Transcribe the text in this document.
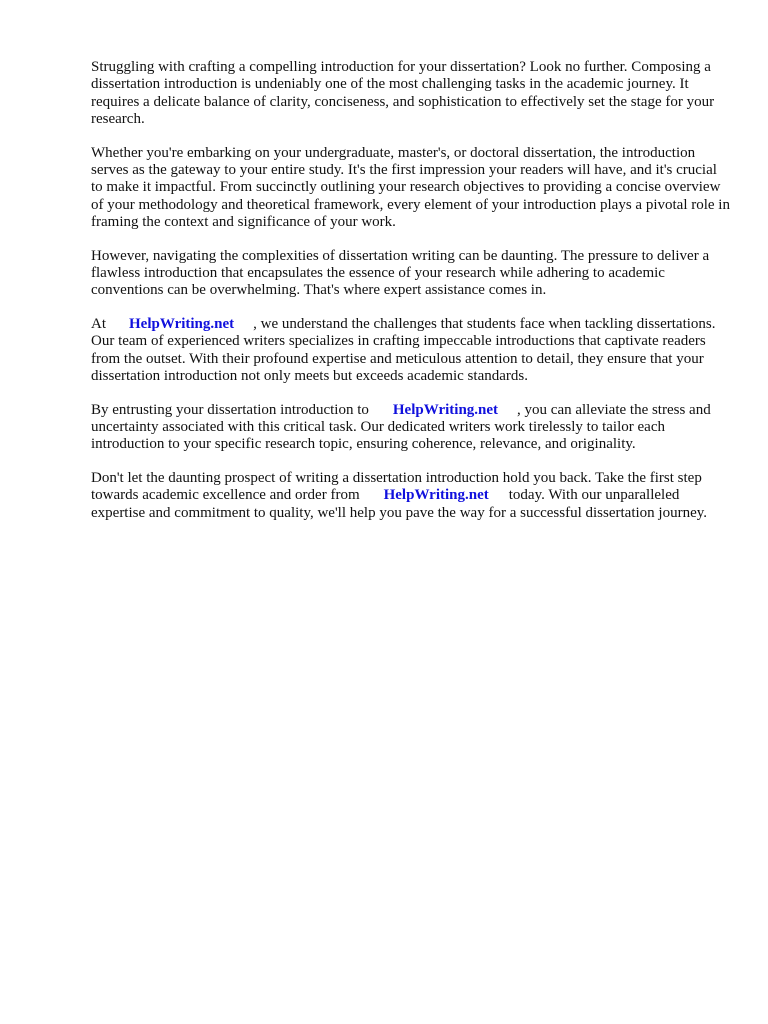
Struggling with crafting a compelling introduction for your dissertation? Look no further. Composing a dissertation introduction is undeniably one of the most challenging tasks in the academic journey. It requires a delicate balance of clarity, conciseness, and sophistication to effectively set the stage for your research.

Whether you're embarking on your undergraduate, master's, or doctoral dissertation, the introduction serves as the gateway to your entire study. It's the first impression your readers will have, and it's crucial to make it impactful. From succinctly outlining your research objectives to providing a concise overview of your methodology and theoretical framework, every element of your introduction plays a pivotal role in framing the context and significance of your work.

However, navigating the complexities of dissertation writing can be daunting. The pressure to deliver a flawless introduction that encapsulates the essence of your research while adhering to academic conventions can be overwhelming. That's where expert assistance comes in.

At HelpWriting.net , we understand the challenges that students face when tackling dissertations. Our team of experienced writers specializes in crafting impeccable introductions that captivate readers from the outset. With their profound expertise and meticulous attention to detail, they ensure that your dissertation introduction not only meets but exceeds academic standards.

By entrusting your dissertation introduction to HelpWriting.net , you can alleviate the stress and uncertainty associated with this critical task. Our dedicated writers work tirelessly to tailor each introduction to your specific research topic, ensuring coherence, relevance, and originality.

Don't let the daunting prospect of writing a dissertation introduction hold you back. Take the first step towards academic excellence and order from HelpWriting.net today. With our unparalleled expertise and commitment to quality, we'll help you pave the way for a successful dissertation journey.
